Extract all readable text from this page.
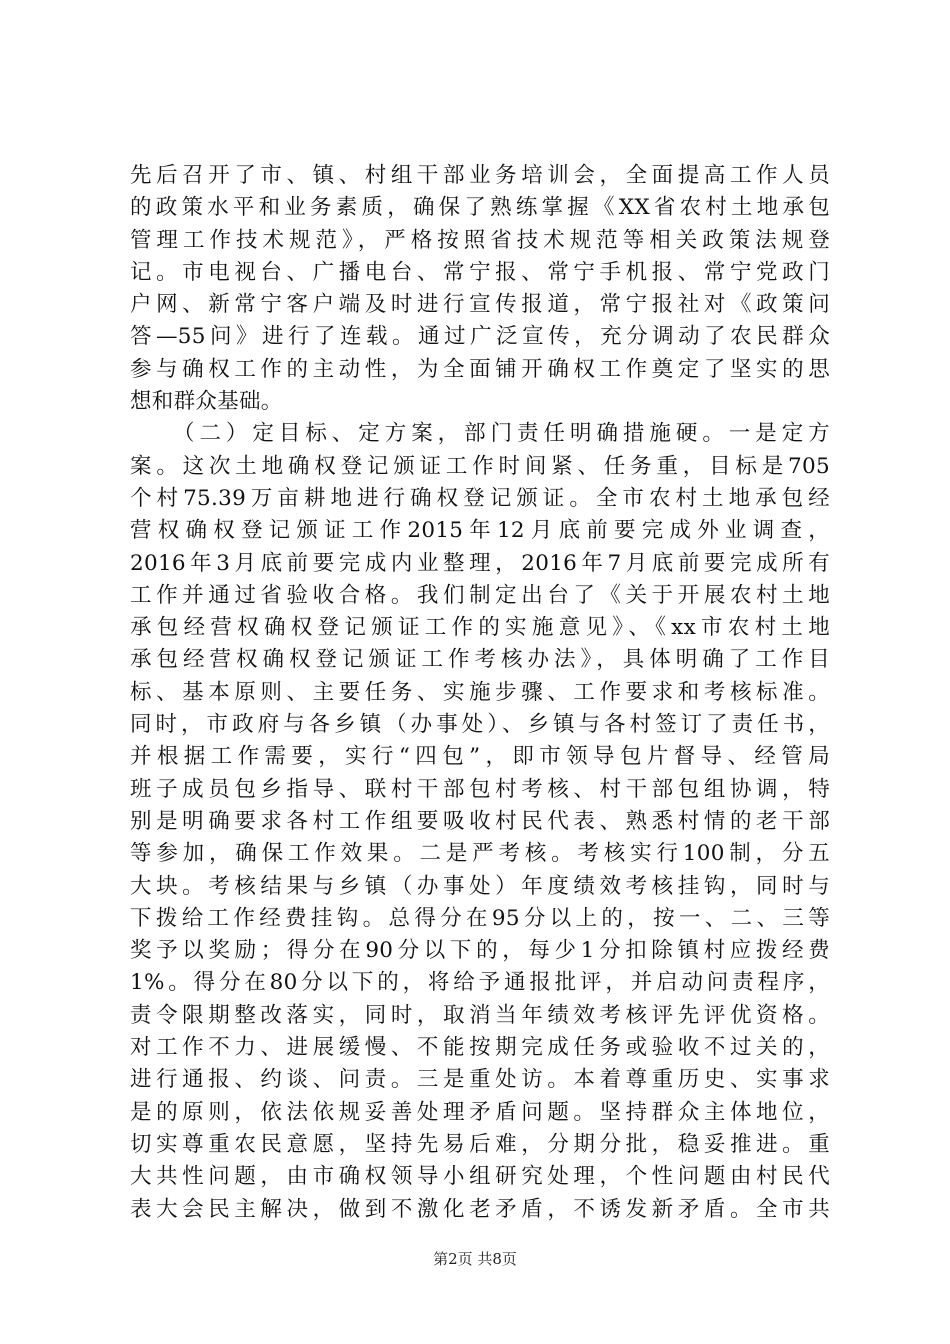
先后召开了市、镇、村组干部业务培训会，全面提高工作人员
的政策水平和业务素质，确保了熟练掌握《XX省农村土地承包
管理工作技术规范》，严格按照省技术规范等相关政策法规登
记。市电视台、广播电台、常宁报、常宁手机报、常宁党政门
户网、新常宁客户端及时进行宣传报道，常宁报社对《政策问
答—55问》进行了连载。通过广泛宣传，充分调动了农民群众
参与确权工作的主动性，为全面铺开确权工作奠定了坚实的思
想和群众基础。
（二）定目标、定方案，部门责任明确措施硬。一是定方
案。这次土地确权登记颁证工作时间紧、任务重，目标是705
个村75.39万亩耕地进行确权登记颁证。全市农村土地承包经
营权确权登记颁证工作2015年12月底前要完成外业调查，
2016年3月底前要完成内业整理，2016年7月底前要完成所有
工作并通过省验收合格。我们制定出台了《关于开展农村土地
承包经营权确权登记颁证工作的实施意见》、《xx市农村土地
承包经营权确权登记颁证工作考核办法》，具体明确了工作目
标、基本原则、主要任务、实施步骤、工作要求和考核标准。
同时，市政府与各乡镇（办事处）、乡镇与各村签订了责任书，
并根据工作需要，实行“四包”，即市领导包片督导、经管局
班子成员包乡指导、联村干部包村考核、村干部包组协调，特
别是明确要求各村工作组要吸收村民代表、熟悉村情的老干部
等参加，确保工作效果。二是严考核。考核实行100制，分五
大块。考核结果与乡镇（办事处）年度绩效考核挂钩，同时与
下拨给工作经费挂钩。总得分在95分以上的，按一、二、三等
奖予以奖励；得分在90分以下的，每少1分扣除镇村应拨经费
1%。得分在80分以下的，将给予通报批评，并启动问责程序，
责令限期整改落实，同时，取消当年绩效考核评先评优资格。
对工作不力、进展缓慢、不能按期完成任务或验收不过关的，
进行通报、约谈、问责。三是重处访。本着尊重历史、实事求
是的原则，依法依规妥善处理矛盾问题。坚持群众主体地位，
切实尊重农民意愿，坚持先易后难，分期分批，稳妥推进。重
大共性问题，由市确权领导小组研究处理，个性问题由村民代
表大会民主解决，做到不激化老矛盾，不诱发新矛盾。全市共
第2页 共8页
